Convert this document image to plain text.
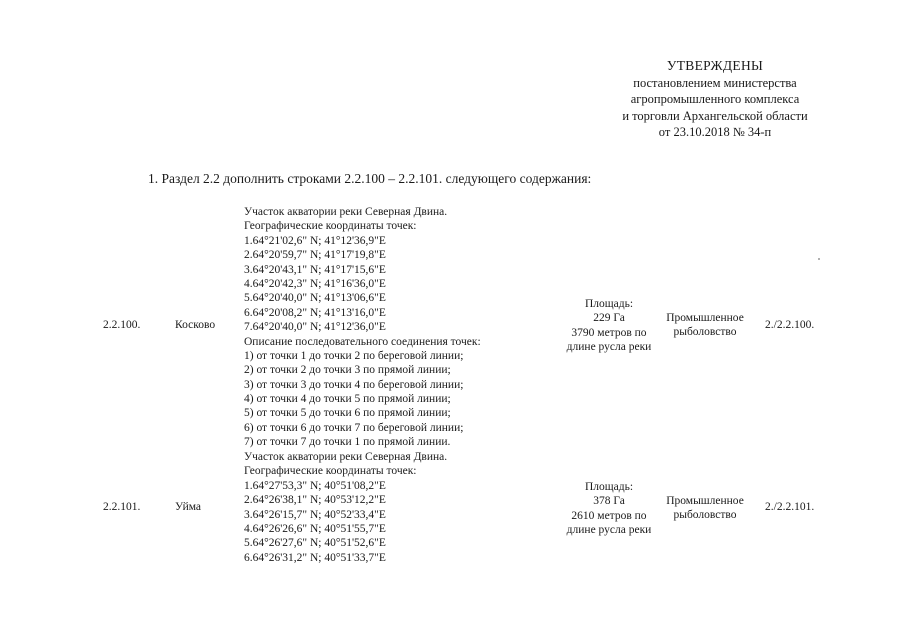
УТВЕРЖДЕНЫ
постановлением министерства
агропромышленного комплекса
и торговли Архангельской области
от 23.10.2018 № 34-п
1. Раздел 2.2 дополнить строками 2.2.100 – 2.2.101. следующего содержания:
Участок акватории реки Северная Двина.
Географические координаты точек:
1.64°21'02,6" N; 41°12'36,9"E
2.64°20'59,7" N; 41°17'19,8"E
3.64°20'43,1" N; 41°17'15,6"E
4.64°20'42,3" N; 41°16'36,0"E
5.64°20'40,0" N; 41°13'06,6"E
6.64°20'08,2" N; 41°13'16,0"E
7.64°20'40,0" N; 41°12'36,0"E
Описание последовательного соединения точек:
1) от точки 1 до точки 2 по береговой линии;
2) от точки 2 до точки 3 по прямой линии;
3) от точки 3 до точки 4 по береговой линии;
4) от точки 4 до точки 5 по прямой линии;
5) от точки 5 до точки 6 по прямой линии;
6) от точки 6 до точки 7 по береговой линии;
7) от точки 7 до точки 1 по прямой линии.
2.2.100.	Косково
Площадь:
229 Га
3790 метров по
длине русла реки
Промышленное
рыболовство
2./2.2.100.
Участок акватории реки Северная Двина.
Географические координаты точек:
1.64°27'53,3" N; 40°51'08,2"E
2.64°26'38,1" N; 40°53'12,2"E
3.64°26'15,7" N; 40°52'33,4"E
4.64°26'26,6" N; 40°51'55,7"E
5.64°26'27,6" N; 40°51'52,6"E
6.64°26'31,2" N; 40°51'33,7"E
2.2.101.	Уйма
Площадь:
378 Га
2610 метров по
длине русла реки
Промышленное
рыболовство
2./2.2.101.
